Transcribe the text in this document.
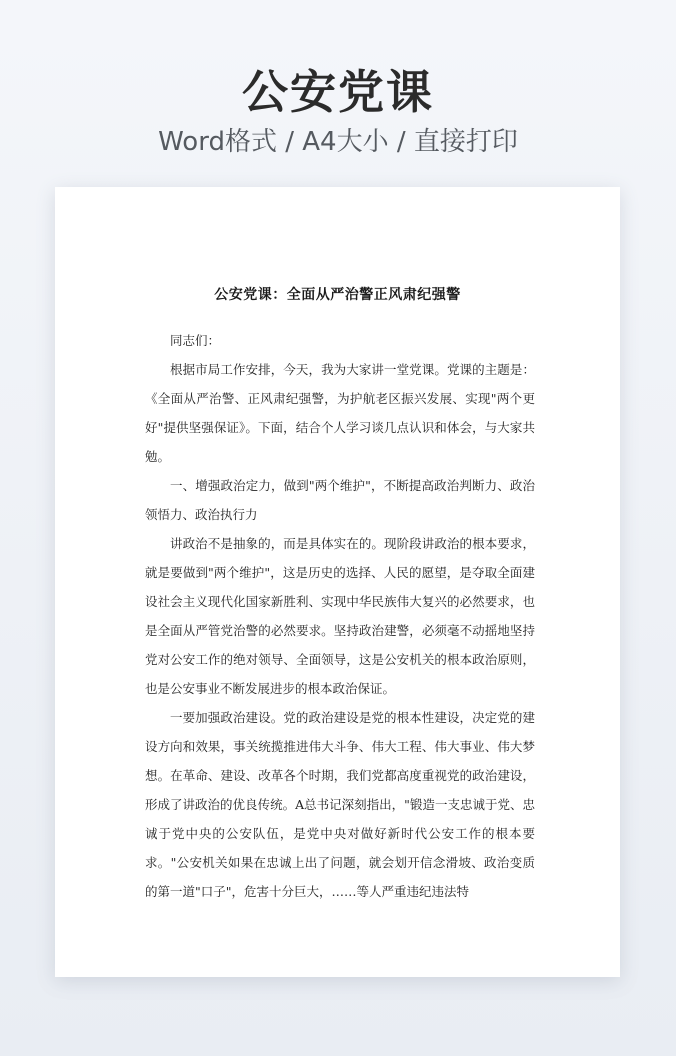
公安党课
Word格式 / A4大小 / 直接打印
公安党课：全面从严治警正风肃纪强警

同志们：

根据市局工作安排，今天，我为大家讲一堂党课。党课的主题是：《全面从严治警、正风肃纪强警，为护航老区振兴发展、实现"两个更好"提供坚强保证》。下面，结合个人学习谈几点认识和体会，与大家共勉。

一、增强政治定力，做到"两个维护"，不断提高政治判断力、政治领悟力、政治执行力

讲政治不是抽象的，而是具体实在的。现阶段讲政治的根本要求，就是要做到"两个维护"，这是历史的选择、人民的愿望，是夺取全面建设社会主义现代化国家新胜利、实现中华民族伟大复兴的必然要求，也是全面从严管党治警的必然要求。坚持政治建警，必须毫不动摇地坚持党对公安工作的绝对领导、全面领导，这是公安机关的根本政治原则，也是公安事业不断发展进步的根本政治保证。

一要加强政治建设。党的政治建设是党的根本性建设，决定党的建设方向和效果，事关统揽推进伟大斗争、伟大工程、伟大事业、伟大梦想。在革命、建设、改革各个时期，我们党都高度重视党的政治建设，形成了讲政治的优良传统。A总书记深刻指出，"锻造一支忠诚于党、忠诚于党中央的公安队伍，是党中央对做好新时代公安工作的根本要求。"公安机关如果在忠诚上出了问题，就会划开信念滑坡、政治变质的第一道"口子"，危害十分巨大，……等人严重违纪违法特
